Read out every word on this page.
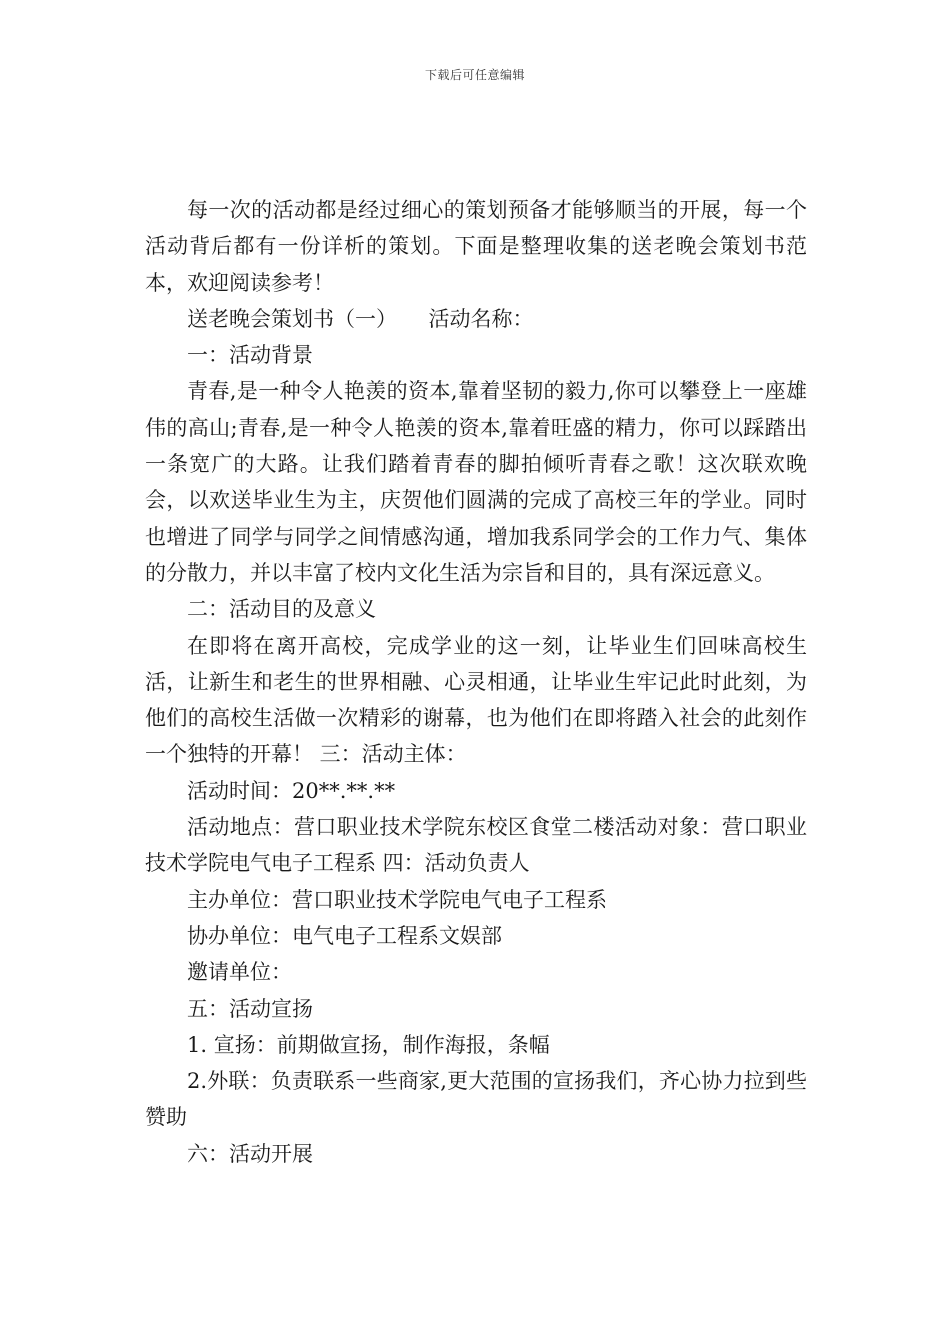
下载后可任意编辑

每一次的活动都是经过细心的策划预备才能够顺当的开展，每一个活动背后都有一份详析的策划。下面是整理收集的送老晚会策划书范本，欢迎阅读参考！

送老晚会策划书（一）　　活动名称：

一：活动背景

青春,是一种令人艳羡的资本,靠着坚韧的毅力,你可以攀登上一座雄伟的高山;青春,是一种令人艳羡的资本,靠着旺盛的精力，你可以踩踏出一条宽广的大路。让我们踏着青春的脚拍倾听青春之歌！这次联欢晚会，以欢送毕业生为主，庆贺他们圆满的完成了高校三年的学业。同时也增进了同学与同学之间情感沟通，增加我系同学会的工作力气、集体的分散力，并以丰富了校内文化生活为宗旨和目的，具有深远意义。

二：活动目的及意义

在即将在离开高校，完成学业的这一刻，让毕业生们回味高校生活，让新生和老生的世界相融、心灵相通，让毕业生牢记此时此刻，为他们的高校生活做一次精彩的谢幕，也为他们在即将踏入社会的此刻作一个独特的开幕！ 三：活动主体：

活动时间：20**.**.**

活动地点：营口职业技术学院东校区食堂二楼活动对象：营口职业技术学院电气电子工程系 四：活动负责人

主办单位：营口职业技术学院电气电子工程系

协办单位：电气电子工程系文娱部

邀请单位：

五：活动宣扬

1. 宣扬：前期做宣扬，制作海报，条幅

2.外联：负责联系一些商家,更大范围的宣扬我们，齐心协力拉到些赞助

六：活动开展
